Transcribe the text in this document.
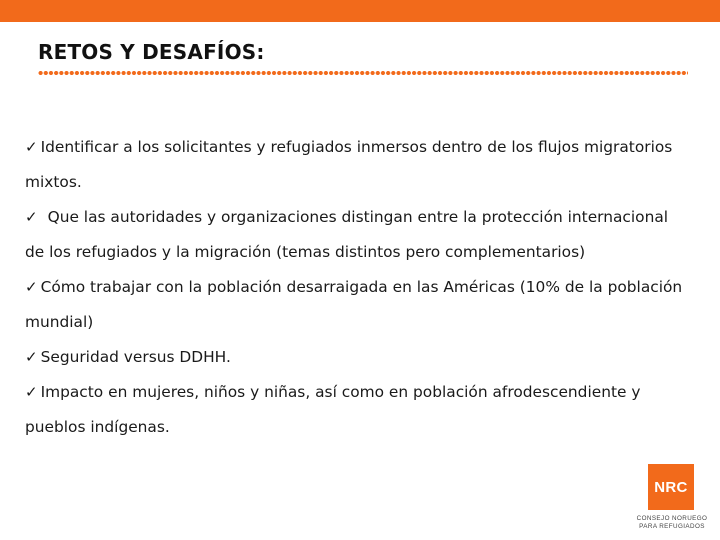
RETOS Y DESAFÍOS:
✓ Identificar a los solicitantes y refugiados inmersos dentro de los flujos migratorios
mixtos.
✓ Que las autoridades y organizaciones distingan entre la protección internacional
de los refugiados y la migración (temas distintos pero complementarios)
✓ Cómo trabajar con la población desarraigada en las Américas (10% de la población
mundial)
✓ Seguridad versus DDHH.
✓ Impacto en mujeres, niños y niñas, así como en población afrodescendiente y
pueblos indígenas.
NRC
CONSEJO NORUEGO
PARA REFUGIADOS
